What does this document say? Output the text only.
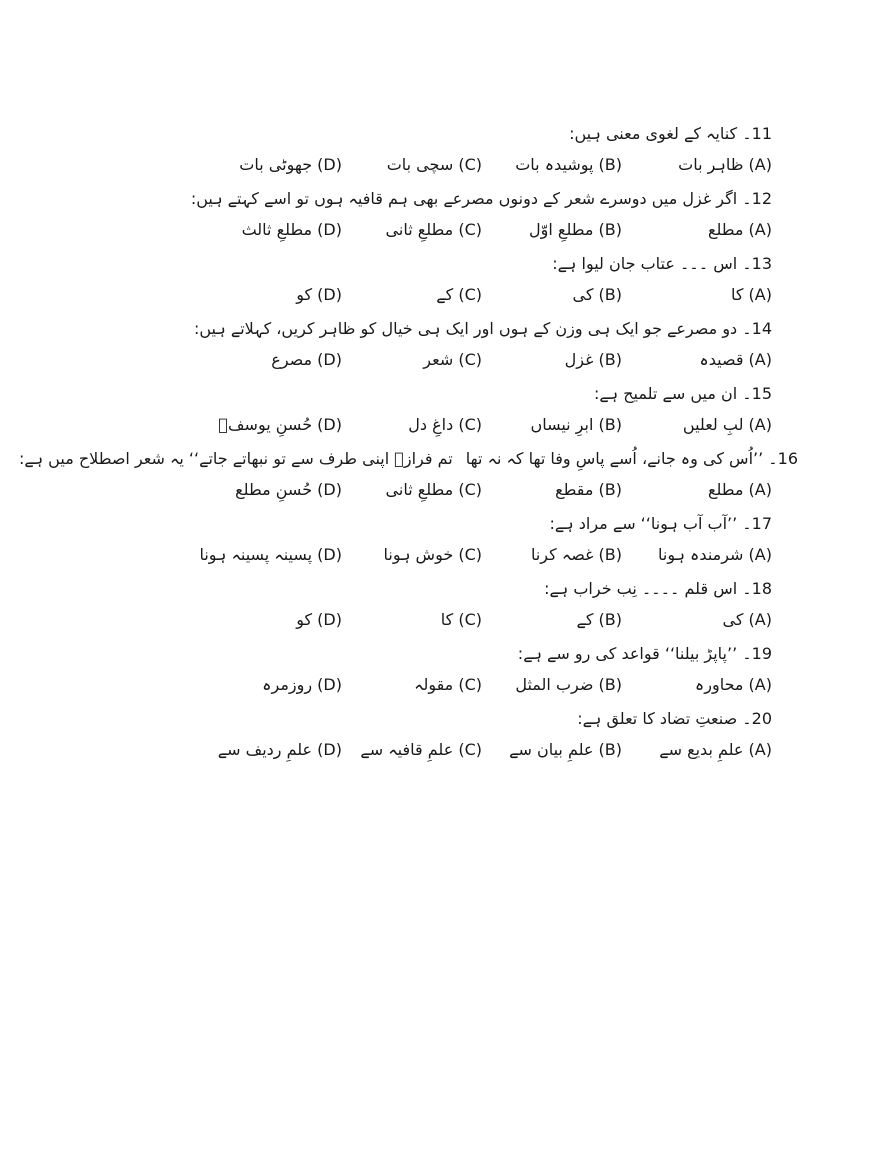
11۔ کنایہ کے لغوی معنی ہیں:
(A) ظاہر بات
(B) پوشیدہ بات
(C) سچی بات
(D) جھوٹی بات
12۔ اگر غزل میں دوسرے شعر کے دونوں مصرعے بھی ہم قافیہ ہوں تو اسے کہتے ہیں:
(A) مطلع
(B) مطلعِ اوّل
(C) مطلعِ ثانی
(D) مطلعِ ثالث
13۔ اس ۔۔۔ عتاب جان لیوا ہے:
(A) کا
(B) کی
(C) کے
(D) کو
14۔ دو مصرعے جو ایک ہی وزن کے ہوں اور ایک ہی خیال کو ظاہر کریں، کہلاتے ہیں:
(A) قصیدہ
(B) غزل
(C) شعر
(D) مصرع
15۔ ان میں سے تلمیح ہے:
(A) لبِ لعلیں
(B) ابرِ نیساں
(C) داغِ دل
(D) حُسنِ یوسفؑ
16۔ ’’اُس کی وہ جانے، اُسے پاسِ وفا تھا کہ نہ تھا تم فرازؔ اپنی طرف سے تو نبھاتے جاتے‘‘ یہ شعر اصطلاح میں ہے:
(A) مطلع
(B) مقطع
(C) مطلعِ ثانی
(D) حُسنِ مطلع
17۔ ’’آب آب ہونا‘‘ سے مراد ہے:
(A) شرمندہ ہونا
(B) غصہ کرنا
(C) خوش ہونا
(D) پسینہ پسینہ ہونا
18۔ اس قلم ۔۔۔۔ نِب خراب ہے:
(A) کی
(B) کے
(C) کا
(D) کو
19۔ ’’پاپڑ بیلنا‘‘ قواعد کی رو سے ہے:
(A) محاورہ
(B) ضرب المثل
(C) مقولہ
(D) روزمرہ
20۔ صنعتِ تضاد کا تعلق ہے:
(A) علمِ بدیع سے
(B) علمِ بیان سے
(C) علمِ قافیہ سے
(D) علمِ ردیف سے
